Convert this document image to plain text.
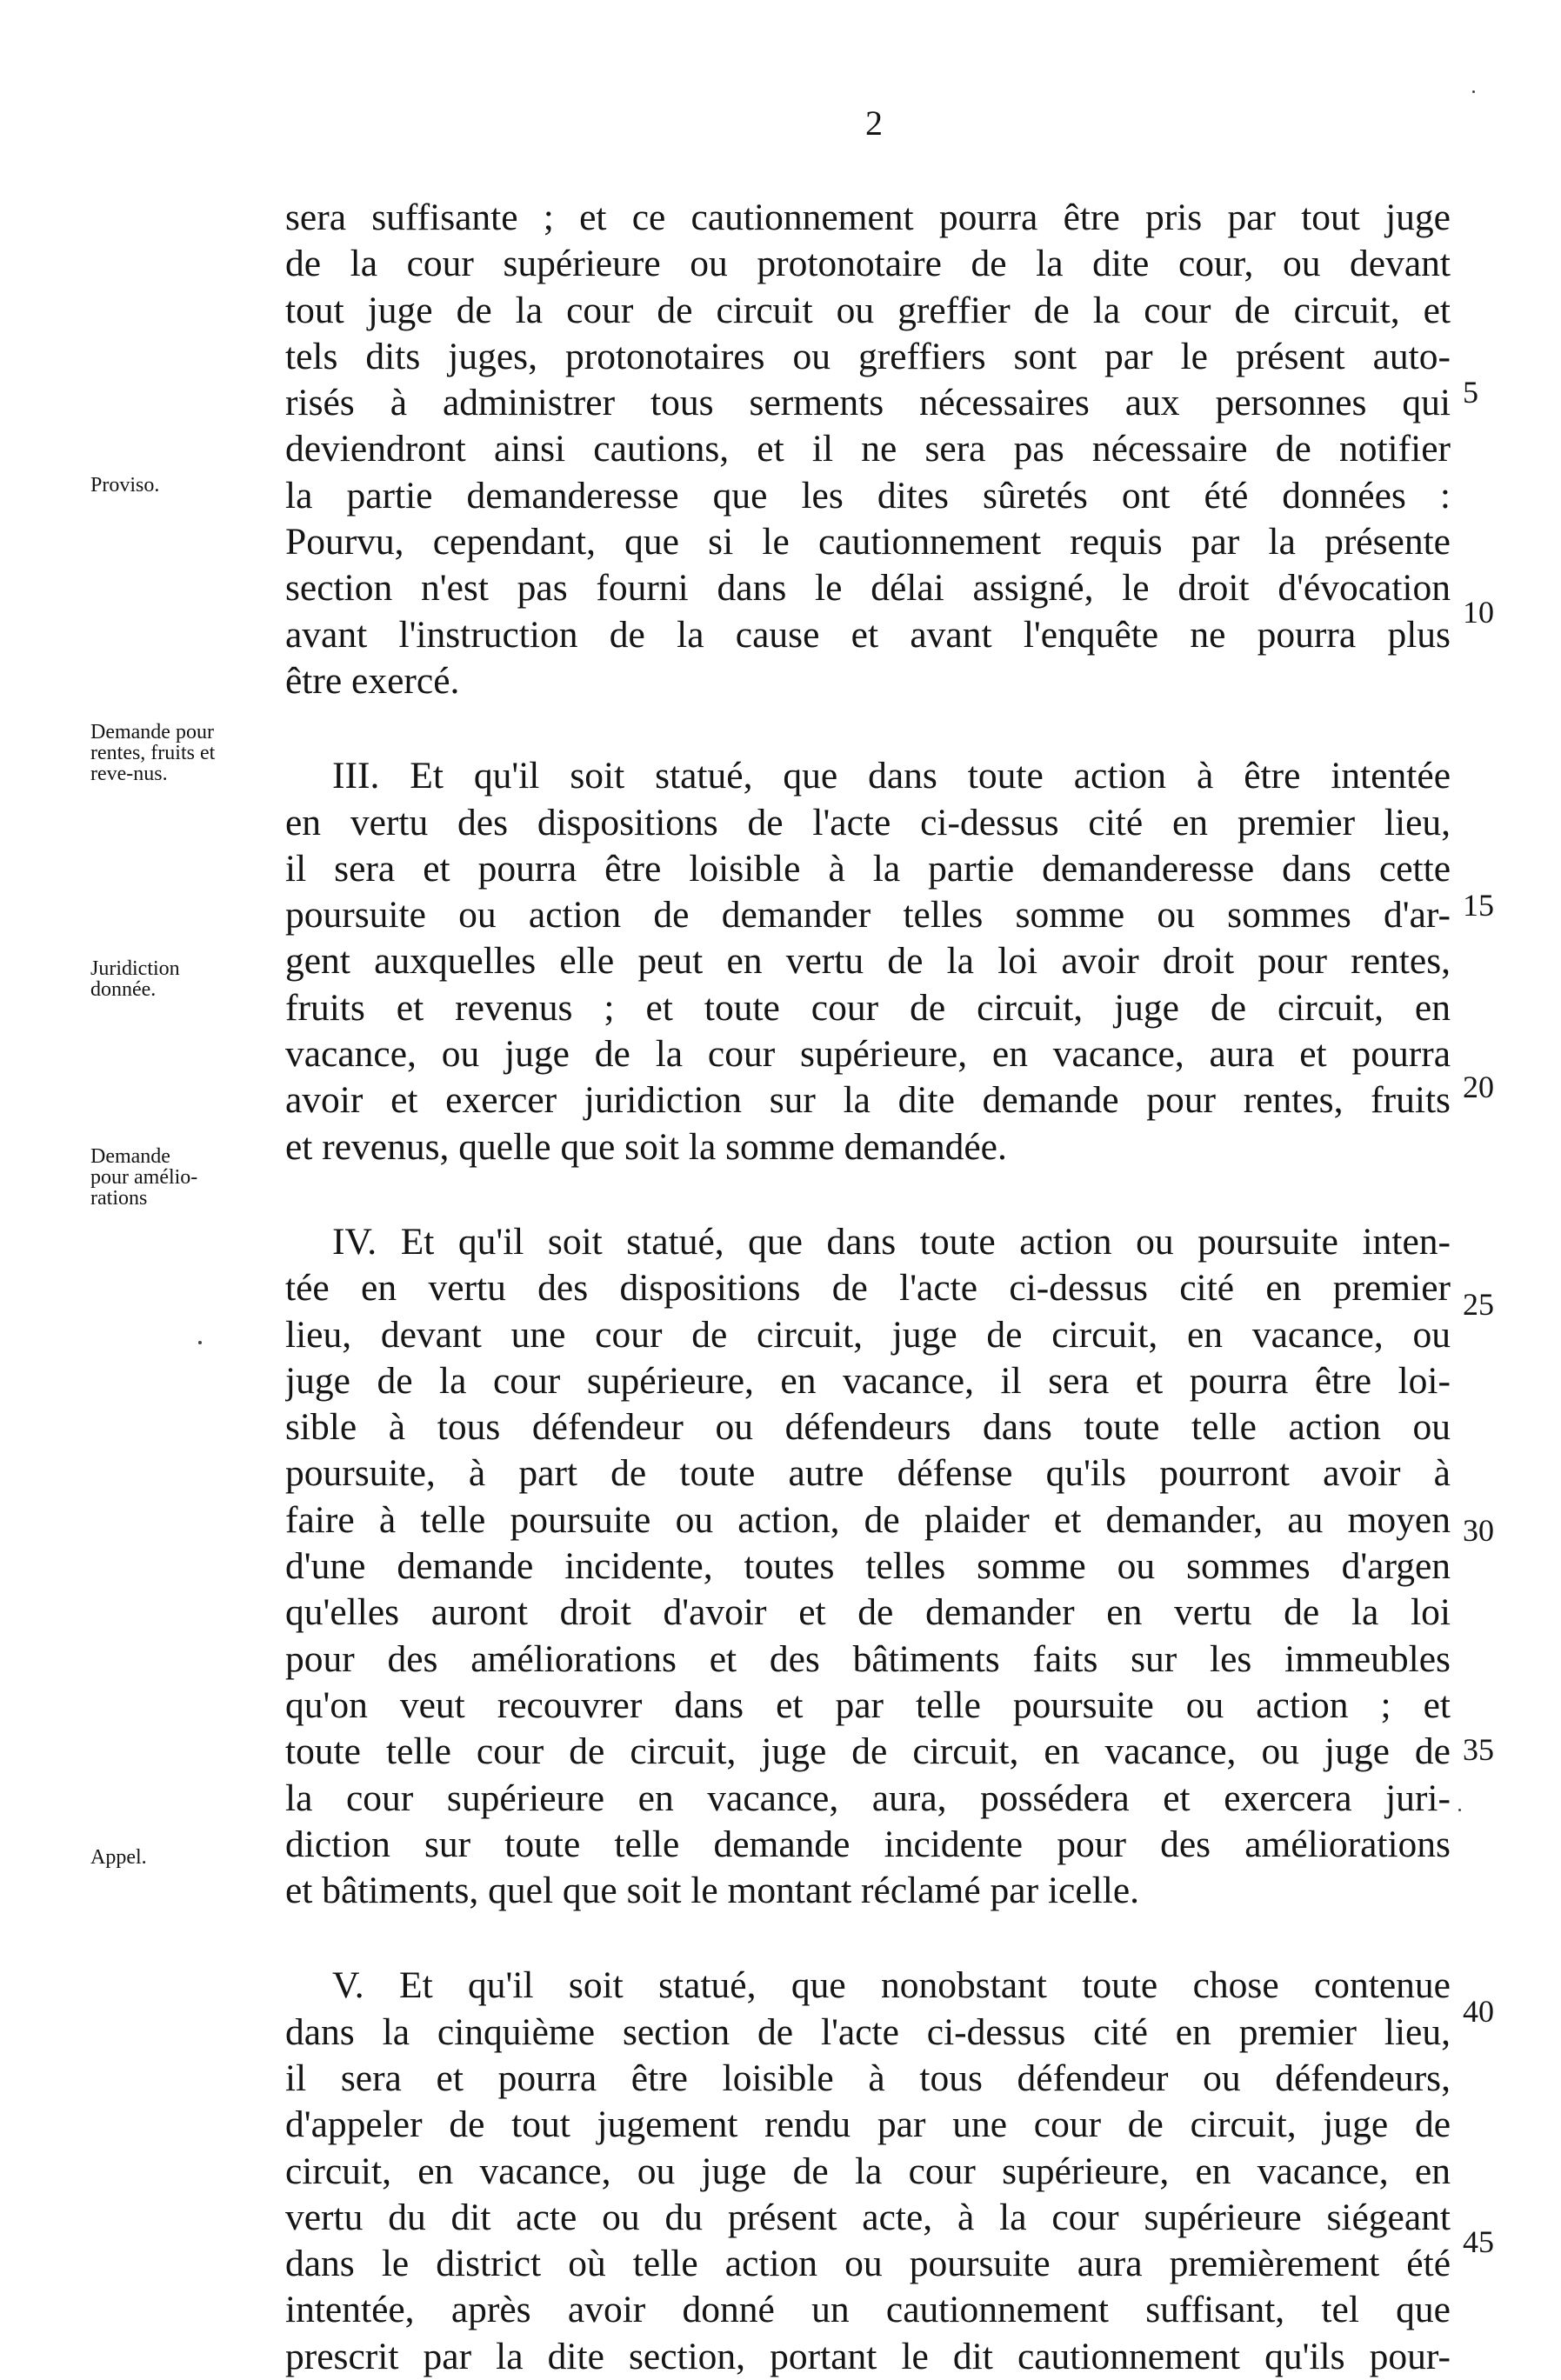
2
Proviso.
Demande pour rentes, fruits et reve-nus.
Juridiction donnée.
Demande pour amélio-rations
Appel.
sera suffisante ; et ce cautionnement pourra être pris par tout juge
de la cour supérieure ou protonotaire de la dite cour, ou devant
tout juge de la cour de circuit ou greffier de la cour de circuit, et
tels dits juges, protonotaires ou greffiers sont par le présent auto-
risés à administrer tous serments nécessaires aux personnes qui
deviendront ainsi cautions, et il ne sera pas nécessaire de notifier
la partie demanderesse que les dites sûretés ont été données :
Pourvu, cependant, que si le cautionnement requis par la présente
section n'est pas fourni dans le délai assigné, le droit d'évocation
avant l'instruction de la cause et avant l'enquête ne pourra plus
être exercé.
III. Et qu'il soit statué, que dans toute action à être intentée
en vertu des dispositions de l'acte ci-dessus cité en premier lieu,
il sera et pourra être loisible à la partie demanderesse dans cette
poursuite ou action de demander telles somme ou sommes d'ar-
gent auxquelles elle peut en vertu de la loi avoir droit pour rentes,
fruits et revenus ; et toute cour de circuit, juge de circuit, en
vacance, ou juge de la cour supérieure, en vacance, aura et pourra
avoir et exercer juridiction sur la dite demande pour rentes, fruits
et revenus, quelle que soit la somme demandée.
IV. Et qu'il soit statué, que dans toute action ou poursuite inten-
tée en vertu des dispositions de l'acte ci-dessus cité en premier
lieu, devant une cour de circuit, juge de circuit, en vacance, ou
juge de la cour supérieure, en vacance, il sera et pourra être loi-
sible à tous défendeur ou défendeurs dans toute telle action ou
poursuite, à part de toute autre défense qu'ils pourront avoir à
faire à telle poursuite ou action, de plaider et demander, au moyen
d'une demande incidente, toutes telles somme ou sommes d'argen
qu'elles auront droit d'avoir et de demander en vertu de la loi
pour des améliorations et des bâtiments faits sur les immeubles
qu'on veut recouvrer dans et par telle poursuite ou action ; et
toute telle cour de circuit, juge de circuit, en vacance, ou juge de
la cour supérieure en vacance, aura, possédera et exercera juri-
diction sur toute telle demande incidente pour des améliorations
et bâtiments, quel que soit le montant réclamé par icelle.
V. Et qu'il soit statué, que nonobstant toute chose contenue
dans la cinquième section de l'acte ci-dessus cité en premier lieu,
il sera et pourra être loisible à tous défendeur ou défendeurs,
d'appeler de tout jugement rendu par une cour de circuit, juge de
circuit, en vacance, ou juge de la cour supérieure, en vacance, en
vertu du dit acte ou du présent acte, à la cour supérieure siégeant
dans le district où telle action ou poursuite aura premièrement été
intentée, après avoir donné un cautionnement suffisant, tel que
prescrit par la dite section, portant le dit cautionnement qu'ils pour-
5
10
15
20
25
30
35
40
45
